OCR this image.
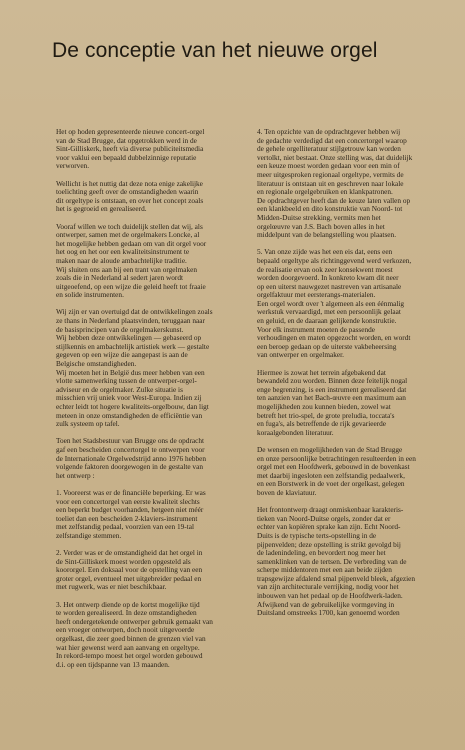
De conceptie van het nieuwe orgel

Het op hoden gepresenteerde nieuwe concert-orgel
van de Stad Brugge, dat opgetrokken werd in de
Sint-Gilliskerk, heeft via diverse publiciteitsmedia
voor vaklui een bepaald dubbelzinnige reputatie
verworven.

Wellicht is het nuttig dat deze nota enige zakelijke
toelichting geeft over de omstandigheden waarin
dit orgeltype is ontstaan, en over het concept zoals
het is gegroeid en gerealiseerd.

Vooraf willen we toch duidelijk stellen dat wij, als
ontwerper, samen met de orgelmakers Loncke, al
het mogelijke hebben gedaan om van dit orgel voor
het oog en het oor een kwaliteitsinstrument te
maken naar de aloude ambachtelijke traditie.
Wij sluiten ons aan bij een trant van orgelmaken
zoals die in Nederland al sedert jaren wordt
uitgeoefend, op een wijze die geleid heeft tot fraaie
en solide instrumenten.

Wij zijn er van overtuigd dat de ontwikkelingen zoals
ze thans in Nederland plaatsvinden, teruggaan naar
de basisprincipen van de orgelmakerskunst.
Wij hebben deze ontwikkelingen — gebaseerd op
stijlkennis en ambachtelijk artistiek werk — gestalte
gegeven op een wijze die aangepast is aan de
Belgische omstandigheden.
Wij moeten het in België dus meer hebben van een
vlotte samenwerking tussen de ontwerper-orgel-
adviseur en de orgelmaker. Zulke situatie is
misschien vrij uniek voor West-Europa. Indien zij
echter leidt tot hogere kwaliteits-orgelbouw, dan ligt
meteen in onze omstandigheden de efficiëntie van
zulk systeem op tafel.

Toen het Stadsbestuur van Brugge ons de opdracht
gaf een bescheiden concertorgel te ontwerpen voor
de Internationale Orgelwedstrijd anno 1976 hebben
volgende faktoren doorgewogen in de gestalte van
het ontwerp :

1. Vooreerst was er de financiële beperking. Er was
voor een concertorgel van eerste kwaliteit slechts
een beperkt budget voorhanden, hetgeen niet méér
toeliet dan een bescheiden 2-klaviers-instrument
met zelfstandig pedaal, voorzien van een 19-tal
zelfstandige stemmen.

2. Verder was er de omstandigheid dat het orgel in
de Sint-Gilliskerk moest worden opgesteld als
koororgel. Een doksaal voor de opstelling van een
groter orgel, eventueel met uitgebreider pedaal en
met rugwerk, was er niet beschikbaar.

3. Het ontwerp diende op de kortst mogelijke tijd
te worden gerealiseerd. In deze omstandigheden
heeft ondergetekende ontwerper gebruik gemaakt van
een vroeger ontworpen, doch nooit uitgevoerde
orgelkast, die zeer goed binnen de grenzen viel van
wat hier gewenst werd aan aanvang en orgeltype.
In rekord-tempo moest het orgel worden gebouwd
d.i. op een tijdspanne van 13 maanden.

4. Ten opzichte van de opdrachtgever hebben wij
de gedachte verdedigd dat een concertorgel waarop
de gehele orgelliteratuur stijlgetrouw kan worden
vertolkt, niet bestaat. Onze stelling was, dat duidelijk
een keuze moest worden gedaan voor een min of
meer uitgesproken regionaal orgeltype, vermits de
literatuur is ontstaan uit en geschreven naar lokale
en regionale orgelgebruiken en klankpatronen.
De opdrachtgever heeft dan de keuze laten vallen op
een klankbeeld en dito konstruktie van Noord- tot
Midden-Duitse strekking, vermits men het
orgelœuvre van J.S. Bach boven alles in het
middelpunt van de belangstelling wou plaatsen.

5. Van onze zijde was het een eis dat, eens een
bepaald orgeltype als richtinggevend werd verkozen,
de realisatie ervan ook zeer konsekwent moest
worden doorgevoerd. In konkreto kwam dit neer
op een uiterst nauwgezet nastreven van artisanale
orgelfaktuur met eersterangs-materialen.
Een orgel wordt over 't algemeen als een éénmalig
werkstuk vervaardigd, met een persoonlijk gelaat
en geluid, en de daaraan gelijkende konstruktie.
Voor elk instrument moeten de passende
verhoudingen en maten opgezocht worden, en wordt
een beroep gedaan op de uiterste vakbeheersing
van ontwerper en orgelmaker.

Hiermee is zowat het terrein afgebakend dat
bewandeld zou worden. Binnen deze feitelijk nogal
enge begrenzing, is een instrument gerealiseerd dat
ten aanzien van het Bach-œuvre een maximum aan
mogelijkheden zou kunnen bieden, zowel wat
betreft het trio-spel, de grote preludia, toccata's
en fuga's, als betreffende de rijk gevarieerde
koraalgebonden literatuur.

De wensen en mogelijkheden van de Stad Brugge
en onze persoonlijke betrachtingen resulteerden in een
orgel met een Hoofdwerk, gebouwd in de bovenkast
met daarbij ingesloten een zelfstandig pedaalwerk,
en een Borstwerk in de voet der orgelkast, gelegen
boven de klaviatuur.

Het frontontwerp draagt onmiskenbaar karakteris-
tieken van Noord-Duitse orgels, zonder dat er
echter van kopiëren sprake kan zijn. Echt Noord-
Duits is de typische terts-opstelling in de
pijpenvelden; deze opstelling is strikt gevolgd bij
de ladenindeling, en bevordert nog meer het
samenklinken van de tertsen. De verbreding van de
scherpe middentoren met een aan beide zijden
trapsgewijze afdalend smal pijpenveld bleek, afgezien
van zijn architecturale verrijking, nodig voor het
inbouwen van het pedaal op de Hoofdwerk-laden.
Afwijkend van de gebruikelijke vormgeving in
Duitsland omstreeks 1700, kan genoemd worden
